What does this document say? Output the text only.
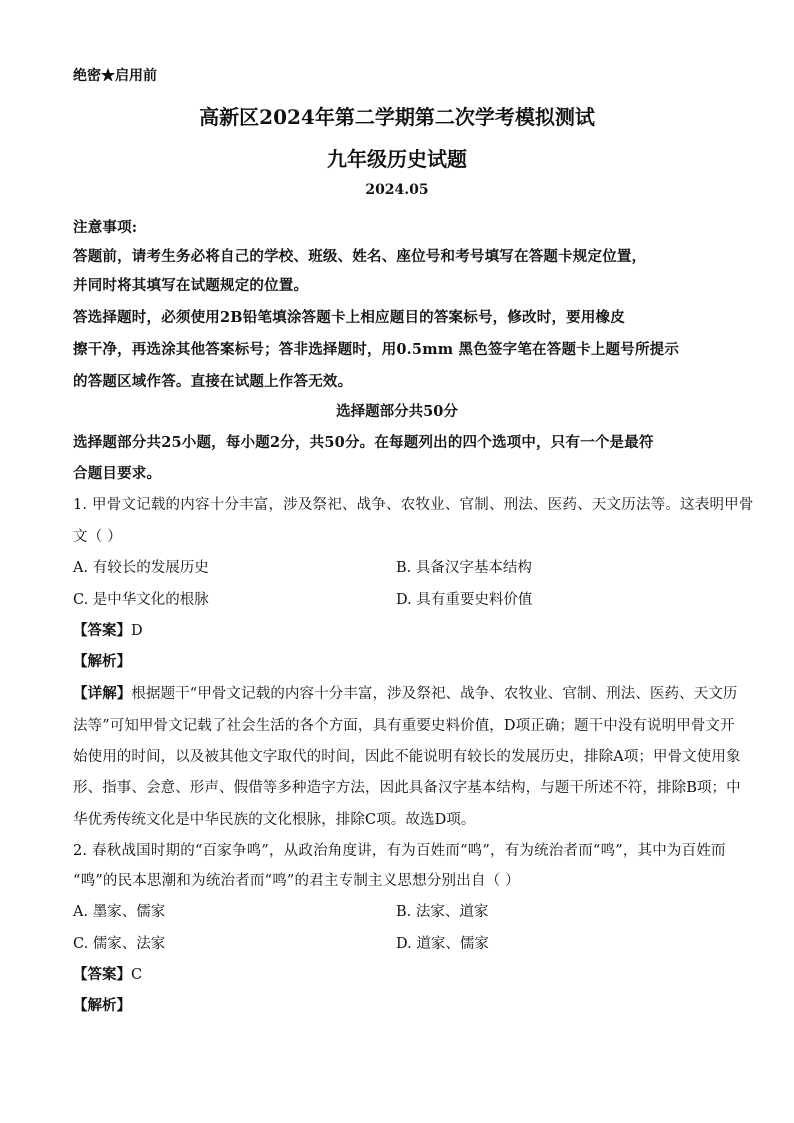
绝密★启用前
高新区2024年第二学期第二次学考模拟测试
九年级历史试题
2024.05
注意事项:
答题前，请考生务必将自己的学校、班级、姓名、座位号和考号填写在答题卡规定位置，
并同时将其填写在试题规定的位置。
答选择题时，必须使用2B铅笔填涂答题卡上相应题目的答案标号，修改时，要用橡皮
擦干净，再选涂其他答案标号；答非选择题时，用0.5mm 黑色签字笔在答题卡上题号所提示
的答题区域作答。直接在试题上作答无效。
选择题部分共50分
选择题部分共25小题，每小题2分，共50分。在每题列出的四个选项中，只有一个是最符
合题目要求。
1. 甲骨文记载的内容十分丰富，涉及祭祀、战争、农牧业、官制、刑法、医药、天文历法等。这表明甲骨
文（ ）
A. 有较长的发展历史	B. 具备汉字基本结构
C. 是中华文化的根脉	D. 具有重要史料价值
【答案】D
【解析】
【详解】根据题干“甲骨文记载的内容十分丰富，涉及祭祀、战争、农牧业、官制、刑法、医药、天文历
法等”可知甲骨文记载了社会生活的各个方面，具有重要史料价值，D项正确；题干中没有说明甲骨文开
始使用的时间，以及被其他文字取代的时间，因此不能说明有较长的发展历史，排除A项；甲骨文使用象
形、指事、会意、形声、假借等多种造字方法，因此具备汉字基本结构，与题干所述不符，排除B项；中
华优秀传统文化是中华民族的文化根脉，排除C项。故选D项。
2. 春秋战国时期的“百家争鸣”，从政治角度讲，有为百姓而“鸣”，有为统治者而“鸣”，其中为百姓而
“鸣”的民本思潮和为统治者而“鸣”的君主专制主义思想分别出自（ ）
A. 墨家、儒家	B. 法家、道家
C. 儒家、法家	D. 道家、儒家
【答案】C
【解析】
